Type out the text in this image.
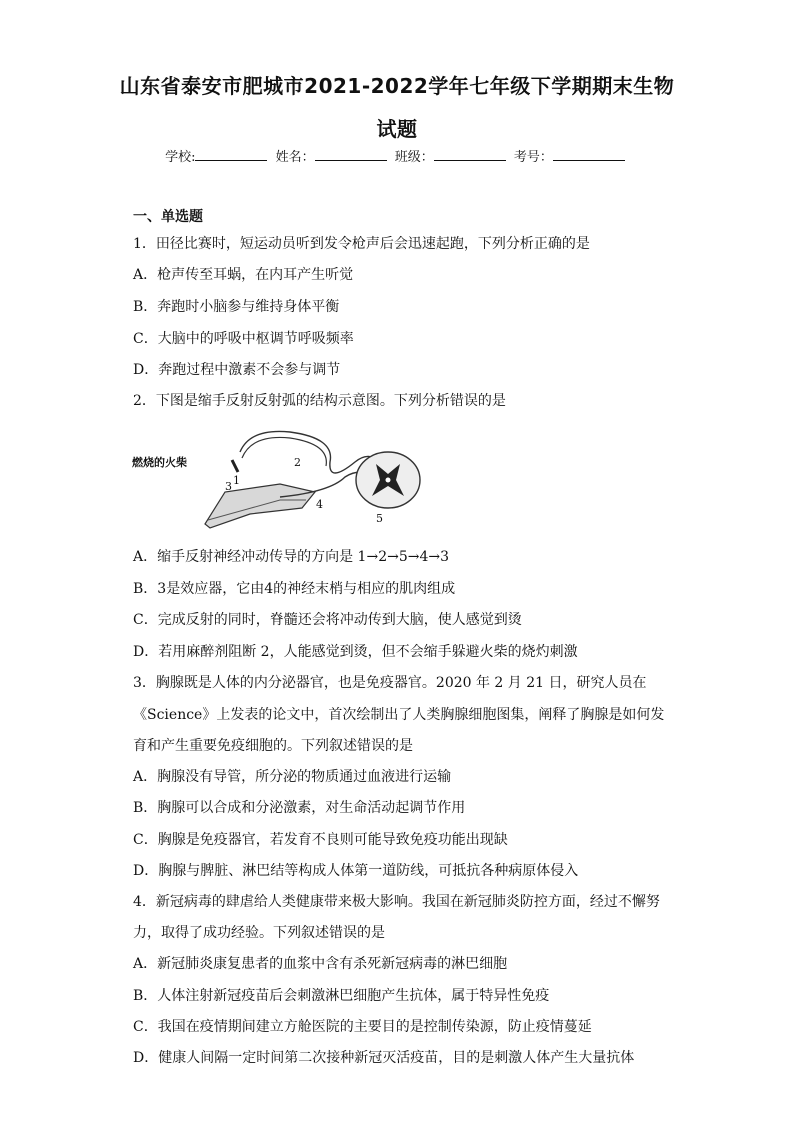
山东省泰安市肥城市2021-2022学年七年级下学期期末生物
试题
学校:	姓名：	班级：	考号：
一、单选题
1．田径比赛时，短运动员听到发令枪声后会迅速起跑，下列分析正确的是
A．枪声传至耳蜗，在内耳产生听觉
B．奔跑时小脑参与维持身体平衡
C．大脑中的呼吸中枢调节呼吸频率
D．奔跑过程中激素不会参与调节
2．下图是缩手反射反射弧的结构示意图。下列分析错误的是
燃烧的火柴
1
2
3
4
5
A．缩手反射神经冲动传导的方向是 1→2→5→4→3
B．3是效应器，它由4的神经末梢与相应的肌肉组成
C．完成反射的同时，脊髓还会将冲动传到大脑，使人感觉到烫
D．若用麻醉剂阻断 2，人能感觉到烫，但不会缩手躲避火柴的烧灼刺激
3．胸腺既是人体的内分泌器官，也是免疫器官。2020 年 2 月 21 日，研究人员在
《Science》上发表的论文中，首次绘制出了人类胸腺细胞图集，阐释了胸腺是如何发
育和产生重要免疫细胞的。下列叙述错误的是
A．胸腺没有导管，所分泌的物质通过血液进行运输
B．胸腺可以合成和分泌激素，对生命活动起调节作用
C．胸腺是免疫器官，若发育不良则可能导致免疫功能出现缺
D．胸腺与脾脏、淋巴结等构成人体第一道防线，可抵抗各种病原体侵入
4．新冠病毒的肆虐给人类健康带来极大影响。我国在新冠肺炎防控方面，经过不懈努
力，取得了成功经验。下列叙述错误的是
A．新冠肺炎康复患者的血浆中含有杀死新冠病毒的淋巴细胞
B．人体注射新冠疫苗后会刺激淋巴细胞产生抗体，属于特异性免疫
C．我国在疫情期间建立方舱医院的主要目的是控制传染源，防止疫情蔓延
D．健康人间隔一定时间第二次接种新冠灭活疫苗，目的是刺激人体产生大量抗体
